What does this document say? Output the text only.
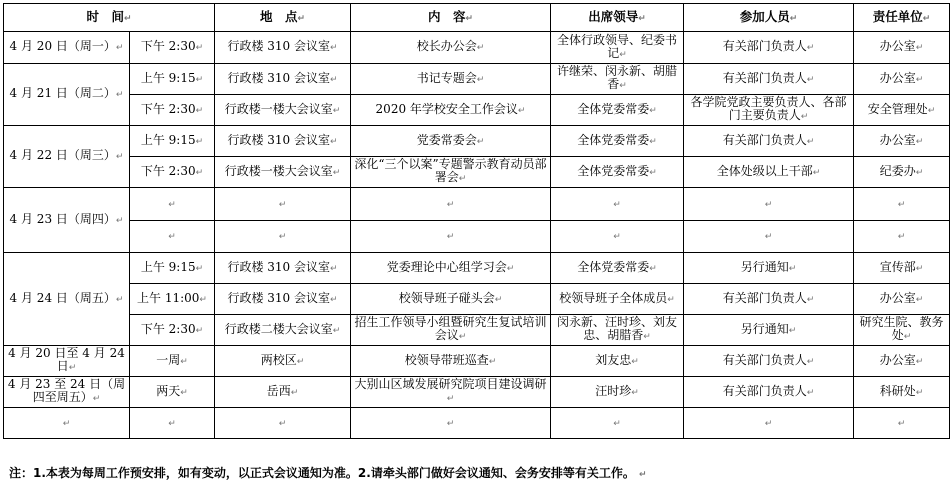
时　间↵		地　点↵	内　容↵	出席领导↵	参加人员↵	责任单位↵
4 月 20 日（周一）↵	下午 2:30↵	行政楼 310 会议室↵	校长办公会↵	全体行政领导、纪委书记↵	有关部门负责人↵	办公室↵
4 月 21 日（周二）↵	上午 9:15↵	行政楼 310 会议室↵	书记专题会↵	许继荣、闵永新、胡腊香↵	有关部门负责人↵	办公室↵
	下午 2:30↵	行政楼一楼大会议室↵	2020 年学校安全工作会议↵	全体党委常委↵	各学院党政主要负责人、各部门主要负责人↵	安全管理处↵
4 月 22 日（周三）↵	上午 9:15↵	行政楼 310 会议室↵	党委常委会↵	全体党委常委↵	有关部门负责人↵	办公室↵
	下午 2:30↵	行政楼一楼大会议室↵	深化“三个以案”专题警示教育动员部署会↵	全体党委常委↵	全体处级以上干部↵	纪委办↵
4 月 23 日（周四）↵	↵	↵	↵	↵	↵	↵
	↵	↵	↵	↵	↵	↵
4 月 24 日（周五）↵	上午 9:15↵	行政楼 310 会议室↵	党委理论中心组学习会↵	全体党委常委↵	另行通知↵	宣传部↵
	上午 11:00↵	行政楼 310 会议室↵	校领导班子碰头会↵	校领导班子全体成员↵	有关部门负责人↵	办公室↵
	下午 2:30↵	行政楼二楼大会议室↵	招生工作领导小组暨研究生复试培训会议↵	闵永新、汪时珍、刘友忠、胡腊香↵	另行通知↵	研究生院、教务处↵
4 月 20 日至 4 月 24 日↵	一周↵	两校区↵	校领导带班巡查↵	刘友忠↵	有关部门负责人↵	办公室↵
4 月 23 至 24 日（周四至周五）↵	两天↵	岳西↵	大别山区域发展研究院项目建设调研↵	汪时珍↵	有关部门负责人↵	科研处↵
↵	↵	↵	↵	↵	↵	↵
注：1.本表为每周工作预安排，如有变动，以正式会议通知为准。2.请牵头部门做好会议通知、会务安排等有关工作。 ↵
